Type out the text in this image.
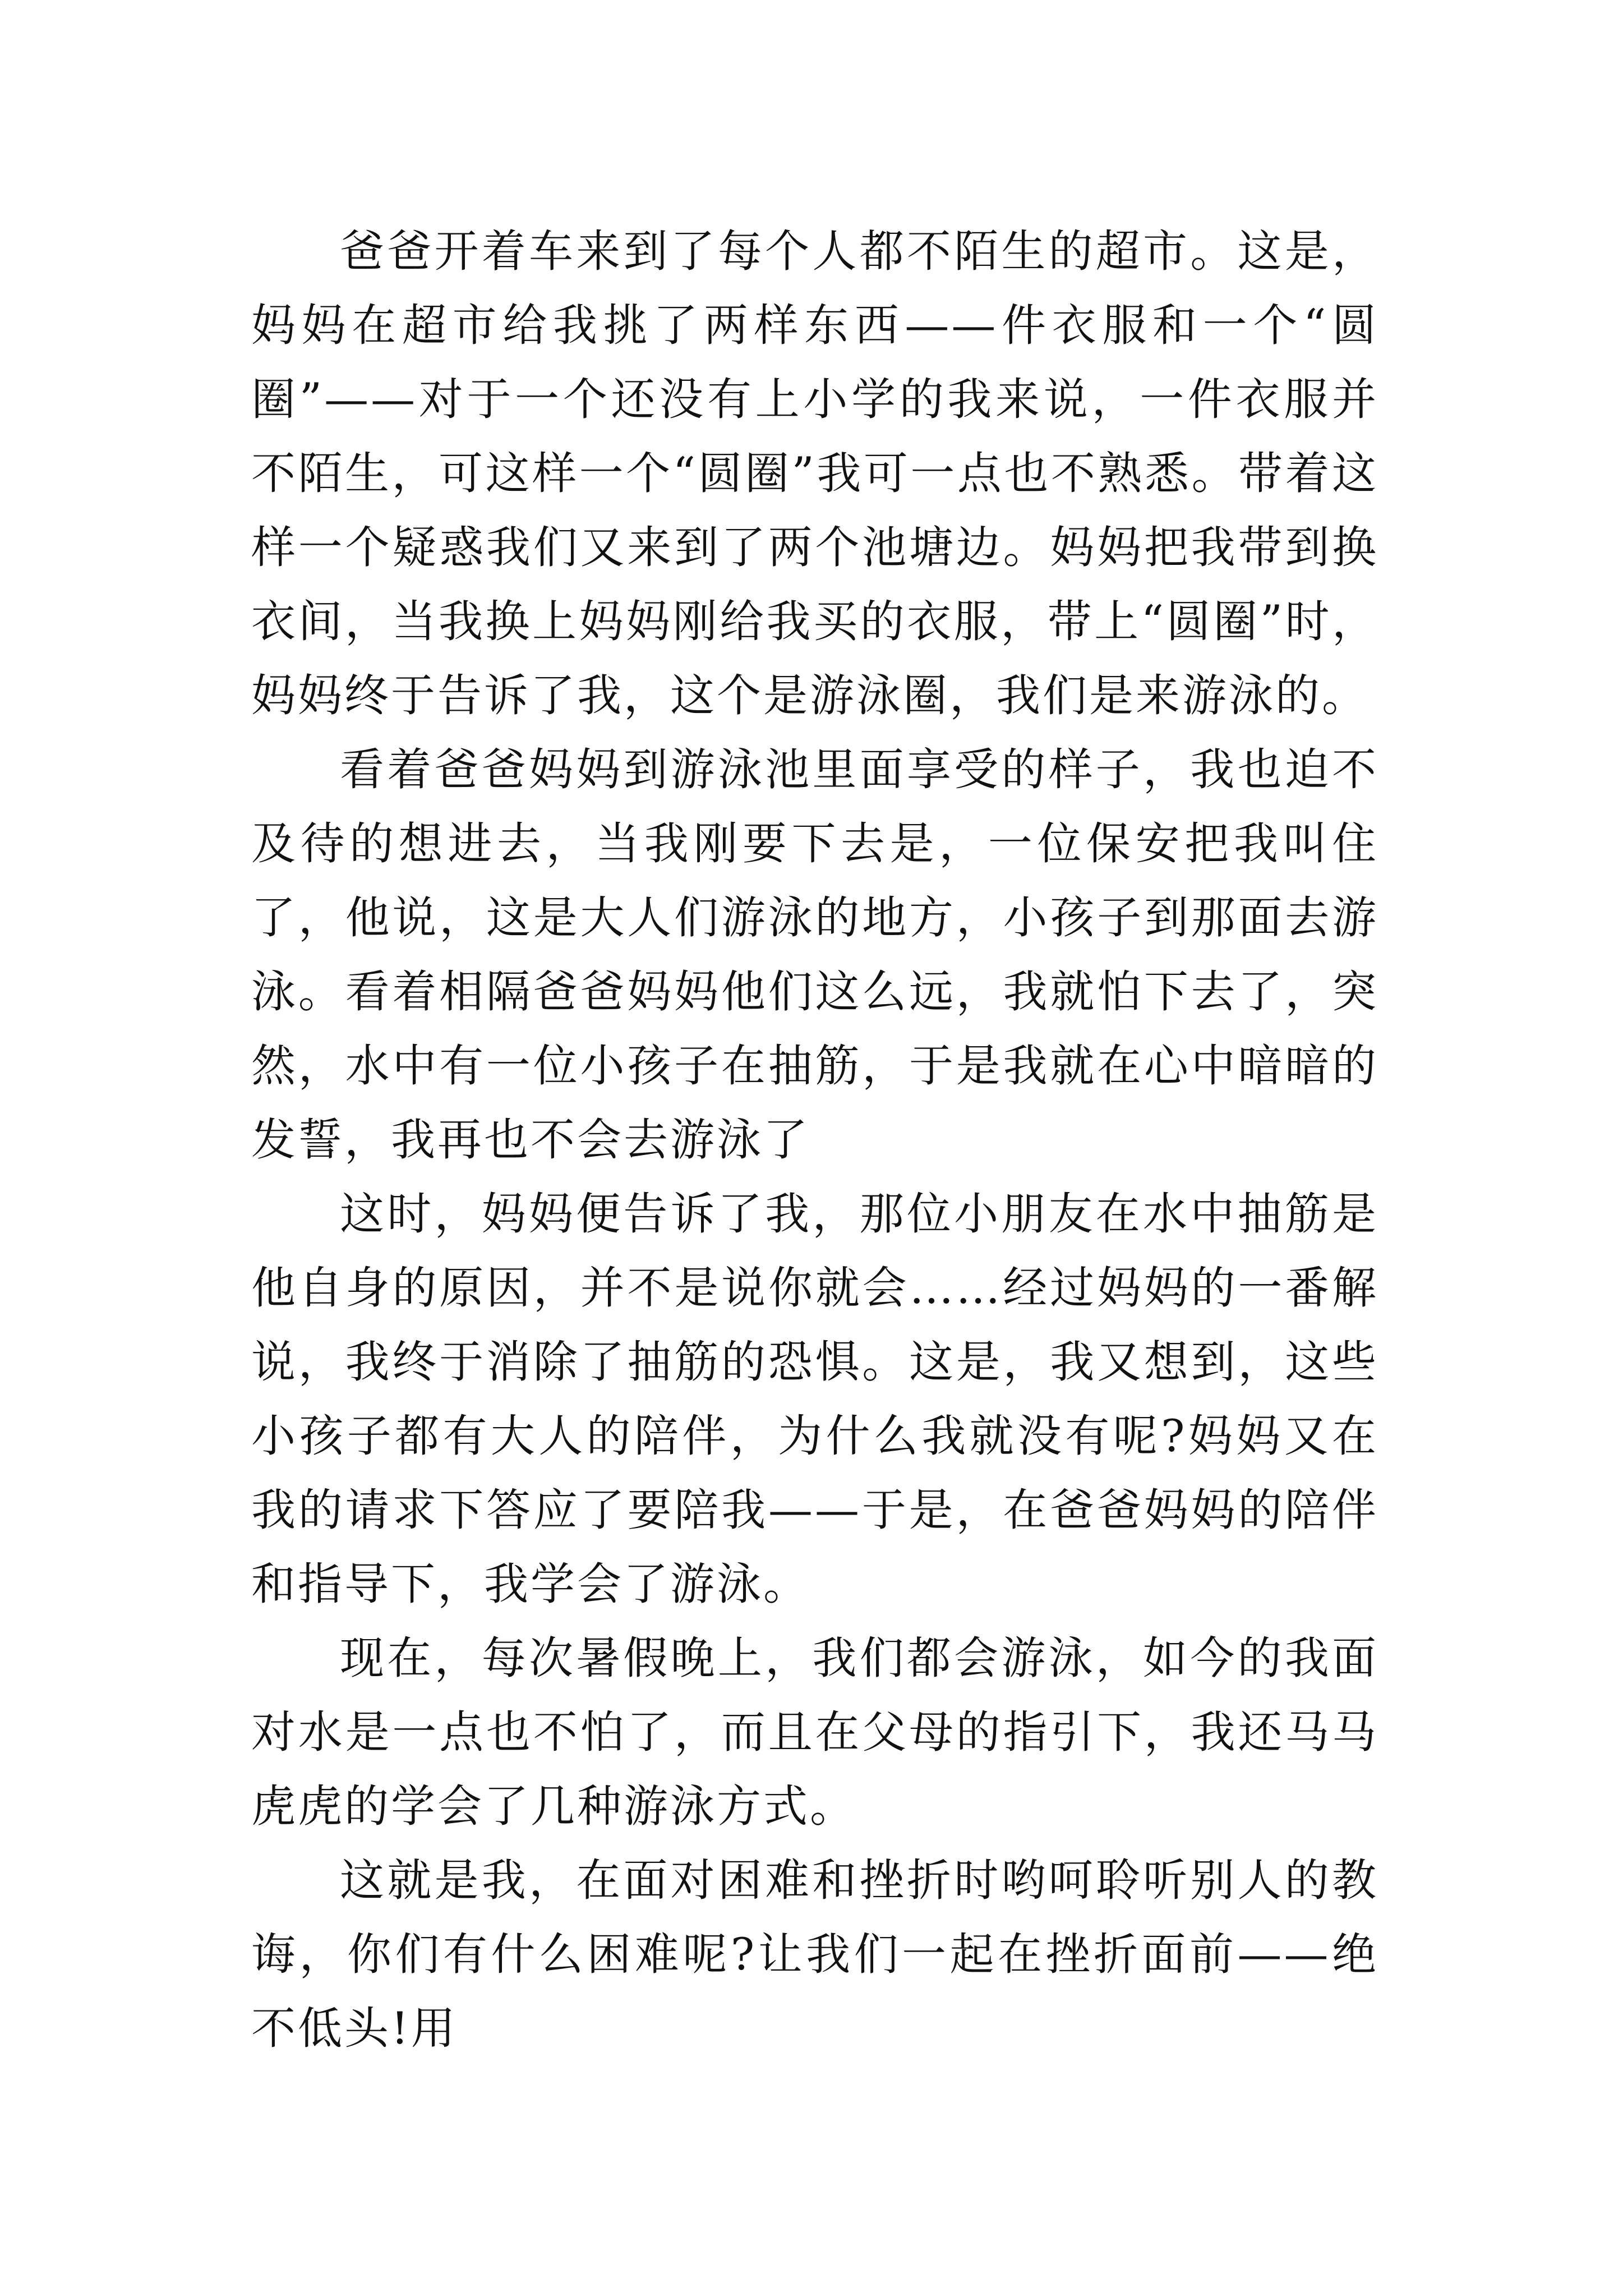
爸爸开着车来到了每个人都不陌生的超市。这是，妈妈在超市给我挑了两样东西——件衣服和一个“圆圈”——对于一个还没有上小学的我来说，一件衣服并不陌生，可这样一个“圆圈”我可一点也不熟悉。带着这样一个疑惑我们又来到了两个池塘边。妈妈把我带到换衣间，当我换上妈妈刚给我买的衣服，带上“圆圈”时，妈妈终于告诉了我，这个是游泳圈，我们是来游泳的。

看着爸爸妈妈到游泳池里面享受的样子，我也迫不及待的想进去，当我刚要下去是，一位保安把我叫住了，他说，这是大人们游泳的地方，小孩子到那面去游泳。看着相隔爸爸妈妈他们这么远，我就怕下去了，突然，水中有一位小孩子在抽筋，于是我就在心中暗暗的发誓，我再也不会去游泳了

这时，妈妈便告诉了我，那位小朋友在水中抽筋是他自身的原因，并不是说你就会……经过妈妈的一番解说，我终于消除了抽筋的恐惧。这是，我又想到，这些小孩子都有大人的陪伴，为什么我就没有呢?妈妈又在我的请求下答应了要陪我——于是，在爸爸妈妈的陪伴和指导下，我学会了游泳。

现在，每次暑假晚上，我们都会游泳，如今的我面对水是一点也不怕了，而且在父母的指引下，我还马马虎虎的学会了几种游泳方式。

这就是我，在面对困难和挫折时哟呵聆听别人的教诲，你们有什么困难呢?让我们一起在挫折面前——绝不低头!用
